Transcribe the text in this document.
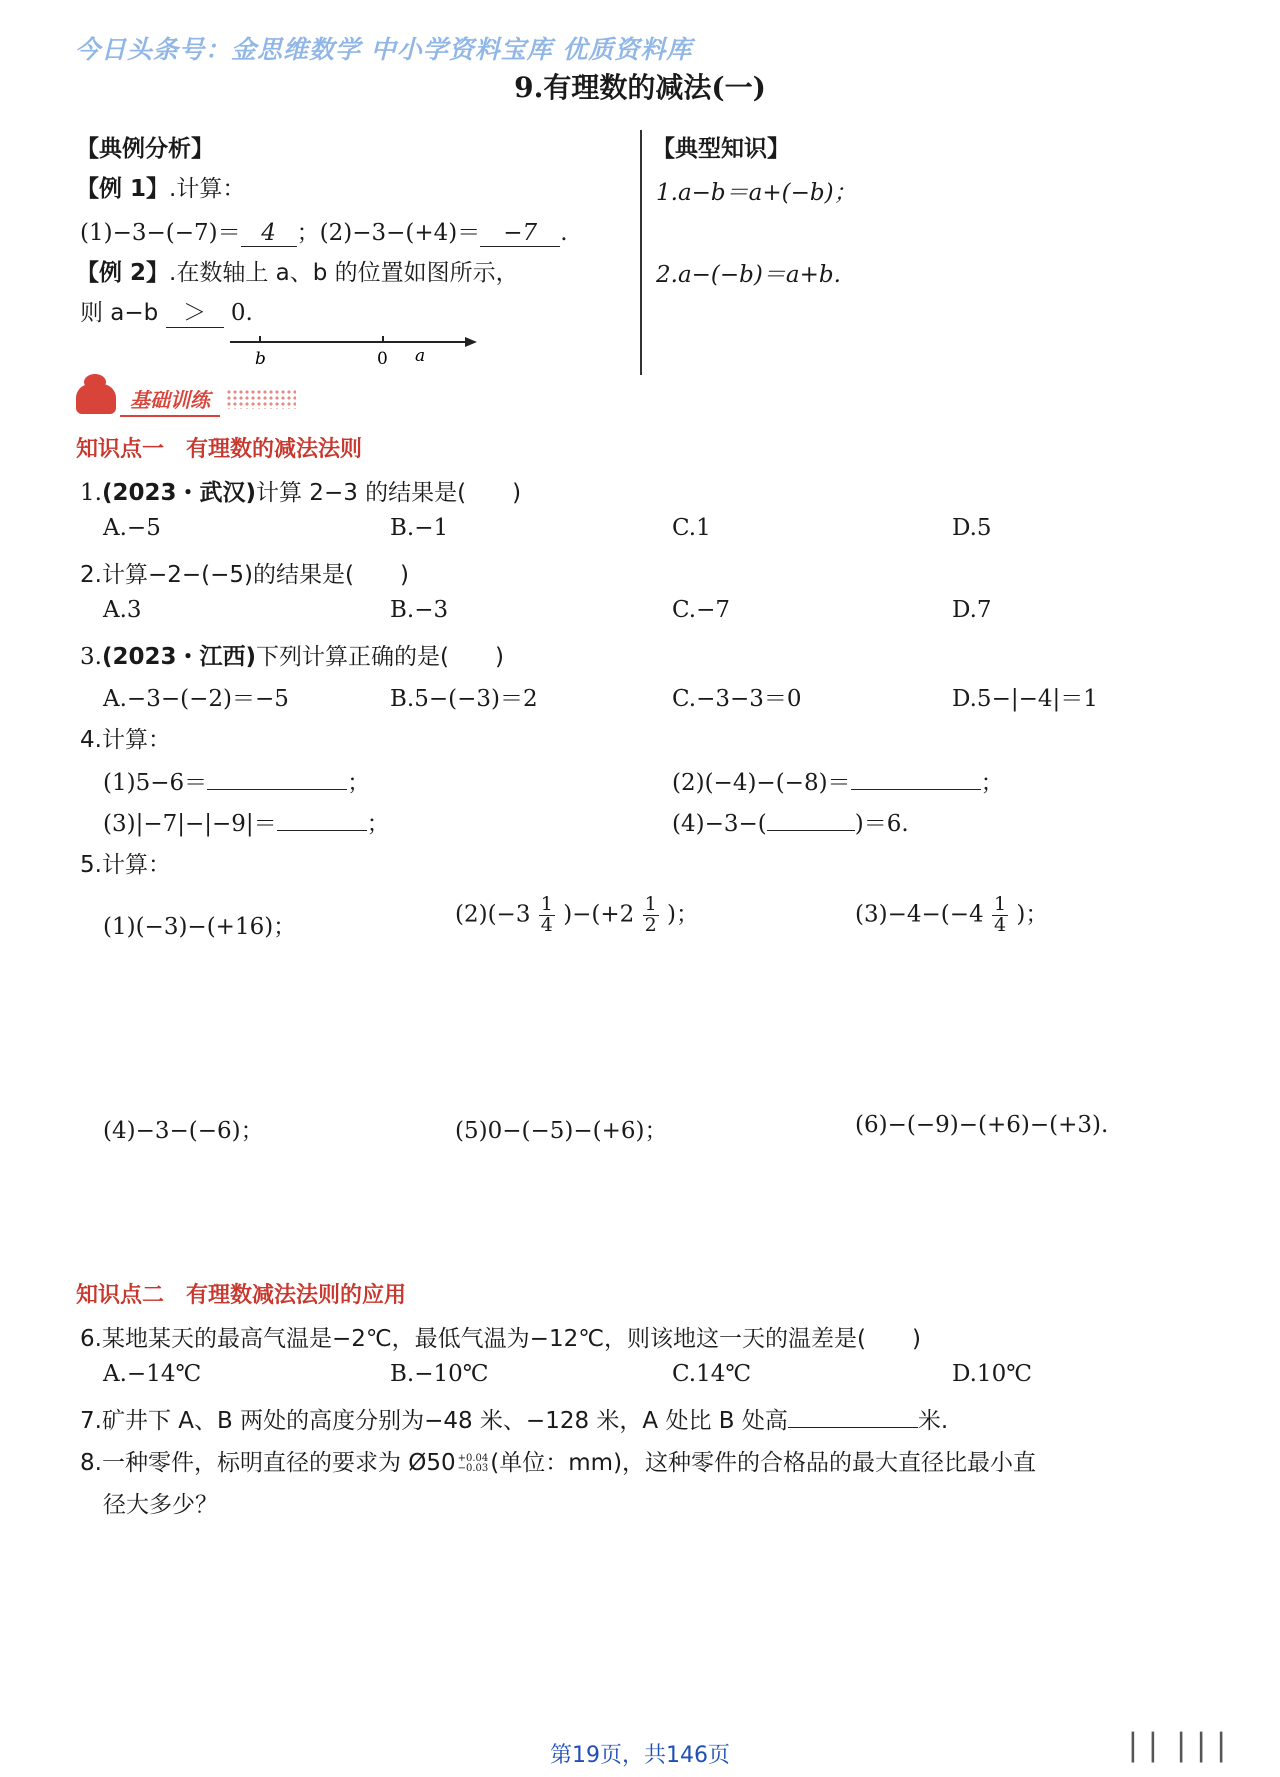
今日头条号：金思维数学 中小学资料宝库 优质资料库
9.有理数的减法(一)
【典例分析】
【例 1】.计算：
(1)−3−(−7)＝ 4 ；(2)−3−(+4)＝ −7 .
【例 2】.在数轴上 a、b 的位置如图所示，
则 a−b ＞ 0.
b	0 a
【典型知识】
1.a−b＝a+(−b)；
2.a−(−b)＝a+b.
基础训练
知识点一　有理数的减法法则
1.(2023・武汉)计算 2−3 的结果是(　　)
A.−5	B.−1	C.1	D.5
2.计算−2−(−5)的结果是(　　)
A.3	B.−3	C.−7	D.7
3.(2023・江西)下列计算正确的是(　　)
A.−3−(−2)＝−5	B.5−(−3)＝2	C.−3−3＝0	D.5−|−4|＝1
4.计算：
(1)5−6＝	；	(2)(−4)−(−8)＝	；
(3)|−7|−|−9|＝	；	(4)−3−(	)＝6.
5.计算：
(1)(−3)−(+16)；	$(2)(-3 \frac{1}{4} )-(+2 \frac{1}{2}$ )；	$(3)-4-(-4 \frac{1}{4}$ )；
(4)−3−(−6)；	(5)0−(−5)−(+6)；	(6)−(−9)−(+6)−(+3).
知识点二　有理数减法法则的应用
6.某地某天的最高气温是−2℃，最低气温为−12℃，则该地这一天的温差是(　　)
A.−14℃	B.−10℃	C.14℃	D.10℃
7.矿井下 A、B 两处的高度分别为−48 米、−128 米，A 处比 B 处高	米.
8.一种零件，标明直径的要求为 Ø50 +0.04
−0.03 (单位：mm)，这种零件的合格品的最大直径比最小直
径大多少？
第19页，共146页	▏▏ ▏▏▏
